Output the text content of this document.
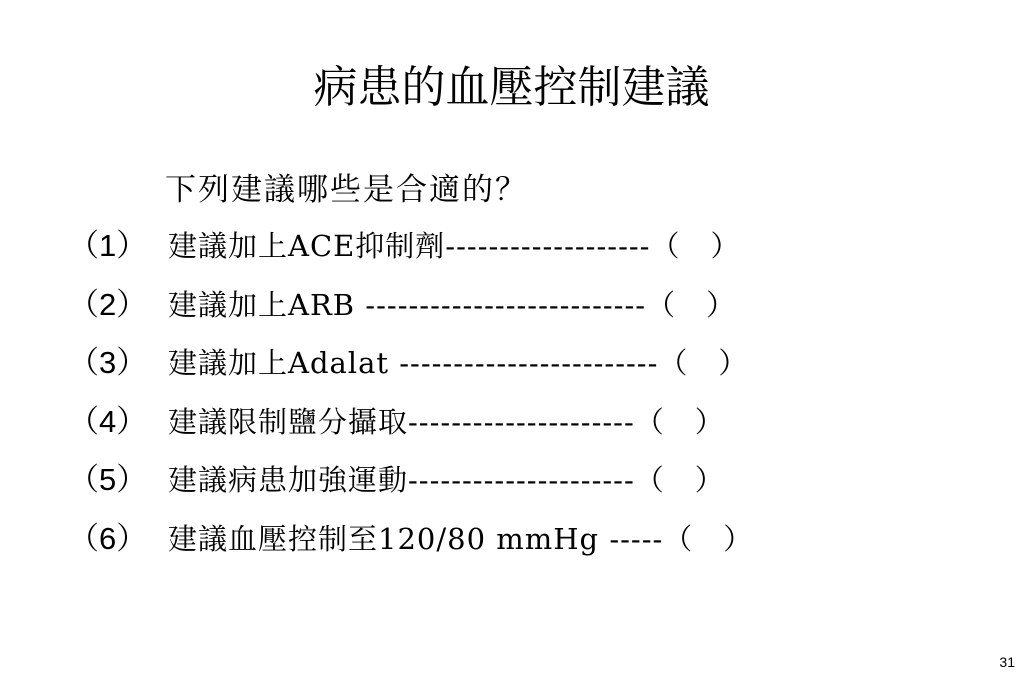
病患的血壓控制建議
下列建議哪些是合適的？
（1） 建議加上ACE抑制劑-------------------（　）
（2） 建議加上ARB --------------------------（　）
（3） 建議加上Adalat ------------------------（　）
（4） 建議限制鹽分攝取---------------------（　）
（5） 建議病患加強運動---------------------（　）
（6） 建議血壓控制至120/80 mmHg -----（　）
31
